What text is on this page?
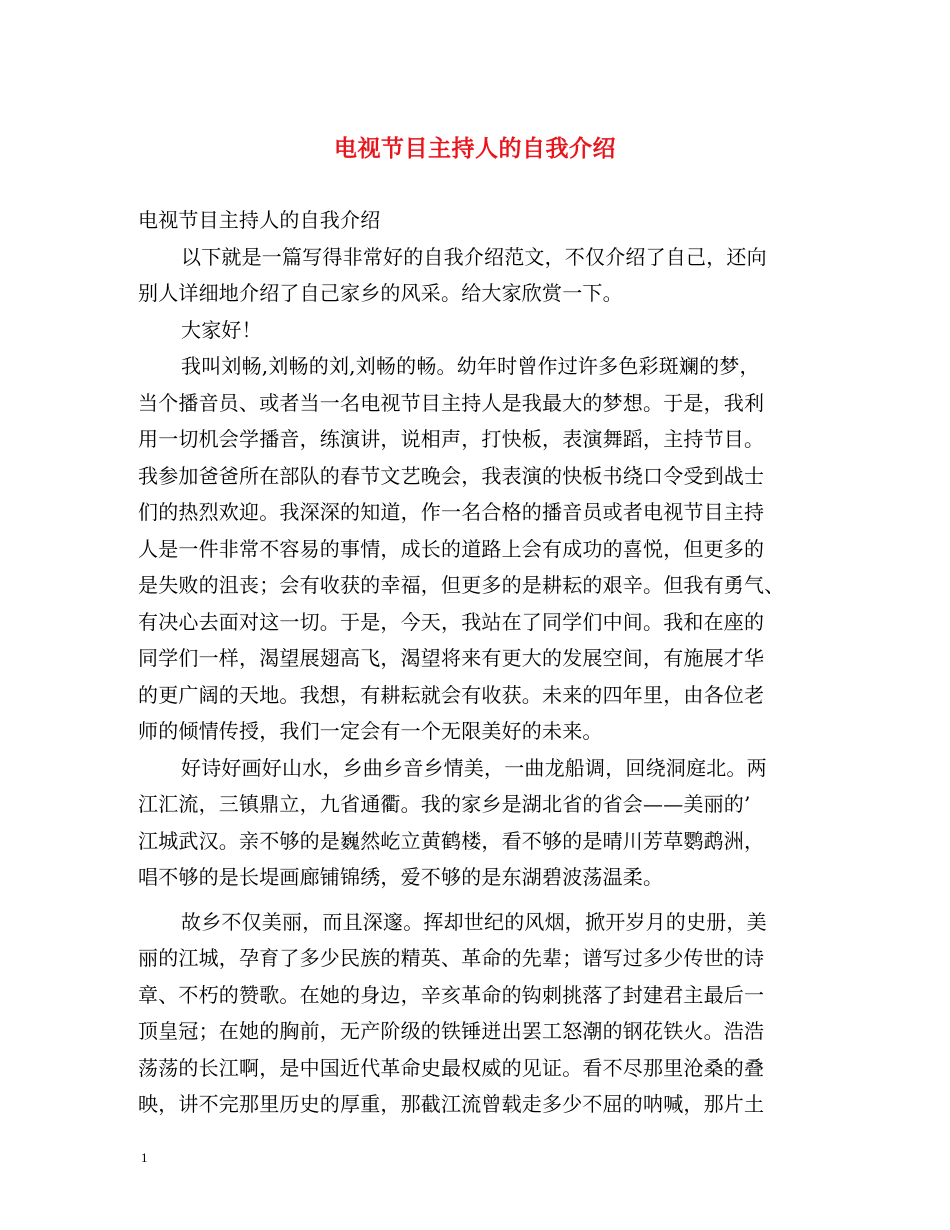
电视节目主持人的自我介绍
电视节目主持人的自我介绍
以下就是一篇写得非常好的自我介绍范文，不仅介绍了自己，还向
别人详细地介绍了自己家乡的风采。给大家欣赏一下。
大家好！
我叫刘畅,刘畅的刘,刘畅的畅。幼年时曾作过许多色彩斑斓的梦，
当个播音员、或者当一名电视节目主持人是我最大的梦想。于是，我利
用一切机会学播音，练演讲，说相声，打快板，表演舞蹈，主持节目。
我参加爸爸所在部队的春节文艺晚会，我表演的快板书绕口令受到战士
们的热烈欢迎。我深深的知道，作一名合格的播音员或者电视节目主持
人是一件非常不容易的事情，成长的道路上会有成功的喜悦，但更多的
是失败的沮丧；会有收获的幸福，但更多的是耕耘的艰辛。但我有勇气、
有决心去面对这一切。于是，今天，我站在了同学们中间。我和在座的
同学们一样，渴望展翅高飞，渴望将来有更大的发展空间，有施展才华
的更广阔的天地。我想，有耕耘就会有收获。未来的四年里，由各位老
师的倾情传授，我们一定会有一个无限美好的未来。
好诗好画好山水，乡曲乡音乡情美，一曲龙船调，回绕洞庭北。两
江汇流，三镇鼎立，九省通衢。我的家乡是湖北省的省会——美丽的’
江城武汉。亲不够的是巍然屹立黄鹤楼，看不够的是晴川芳草鹦鹉洲，
唱不够的是长堤画廊铺锦绣，爱不够的是东湖碧波荡温柔。
故乡不仅美丽，而且深邃。挥却世纪的风烟，掀开岁月的史册，美
丽的江城，孕育了多少民族的精英、革命的先辈；谱写过多少传世的诗
章、不朽的赞歌。在她的身边，辛亥革命的钩刺挑落了封建君主最后一
顶皇冠；在她的胸前，无产阶级的铁锤迸出罢工怒潮的钢花铁火。浩浩
荡荡的长江啊，是中国近代革命史最权威的见证。看不尽那里沧桑的叠
映，讲不完那里历史的厚重，那截江流曾载走多少不屈的呐喊，那片土
1
